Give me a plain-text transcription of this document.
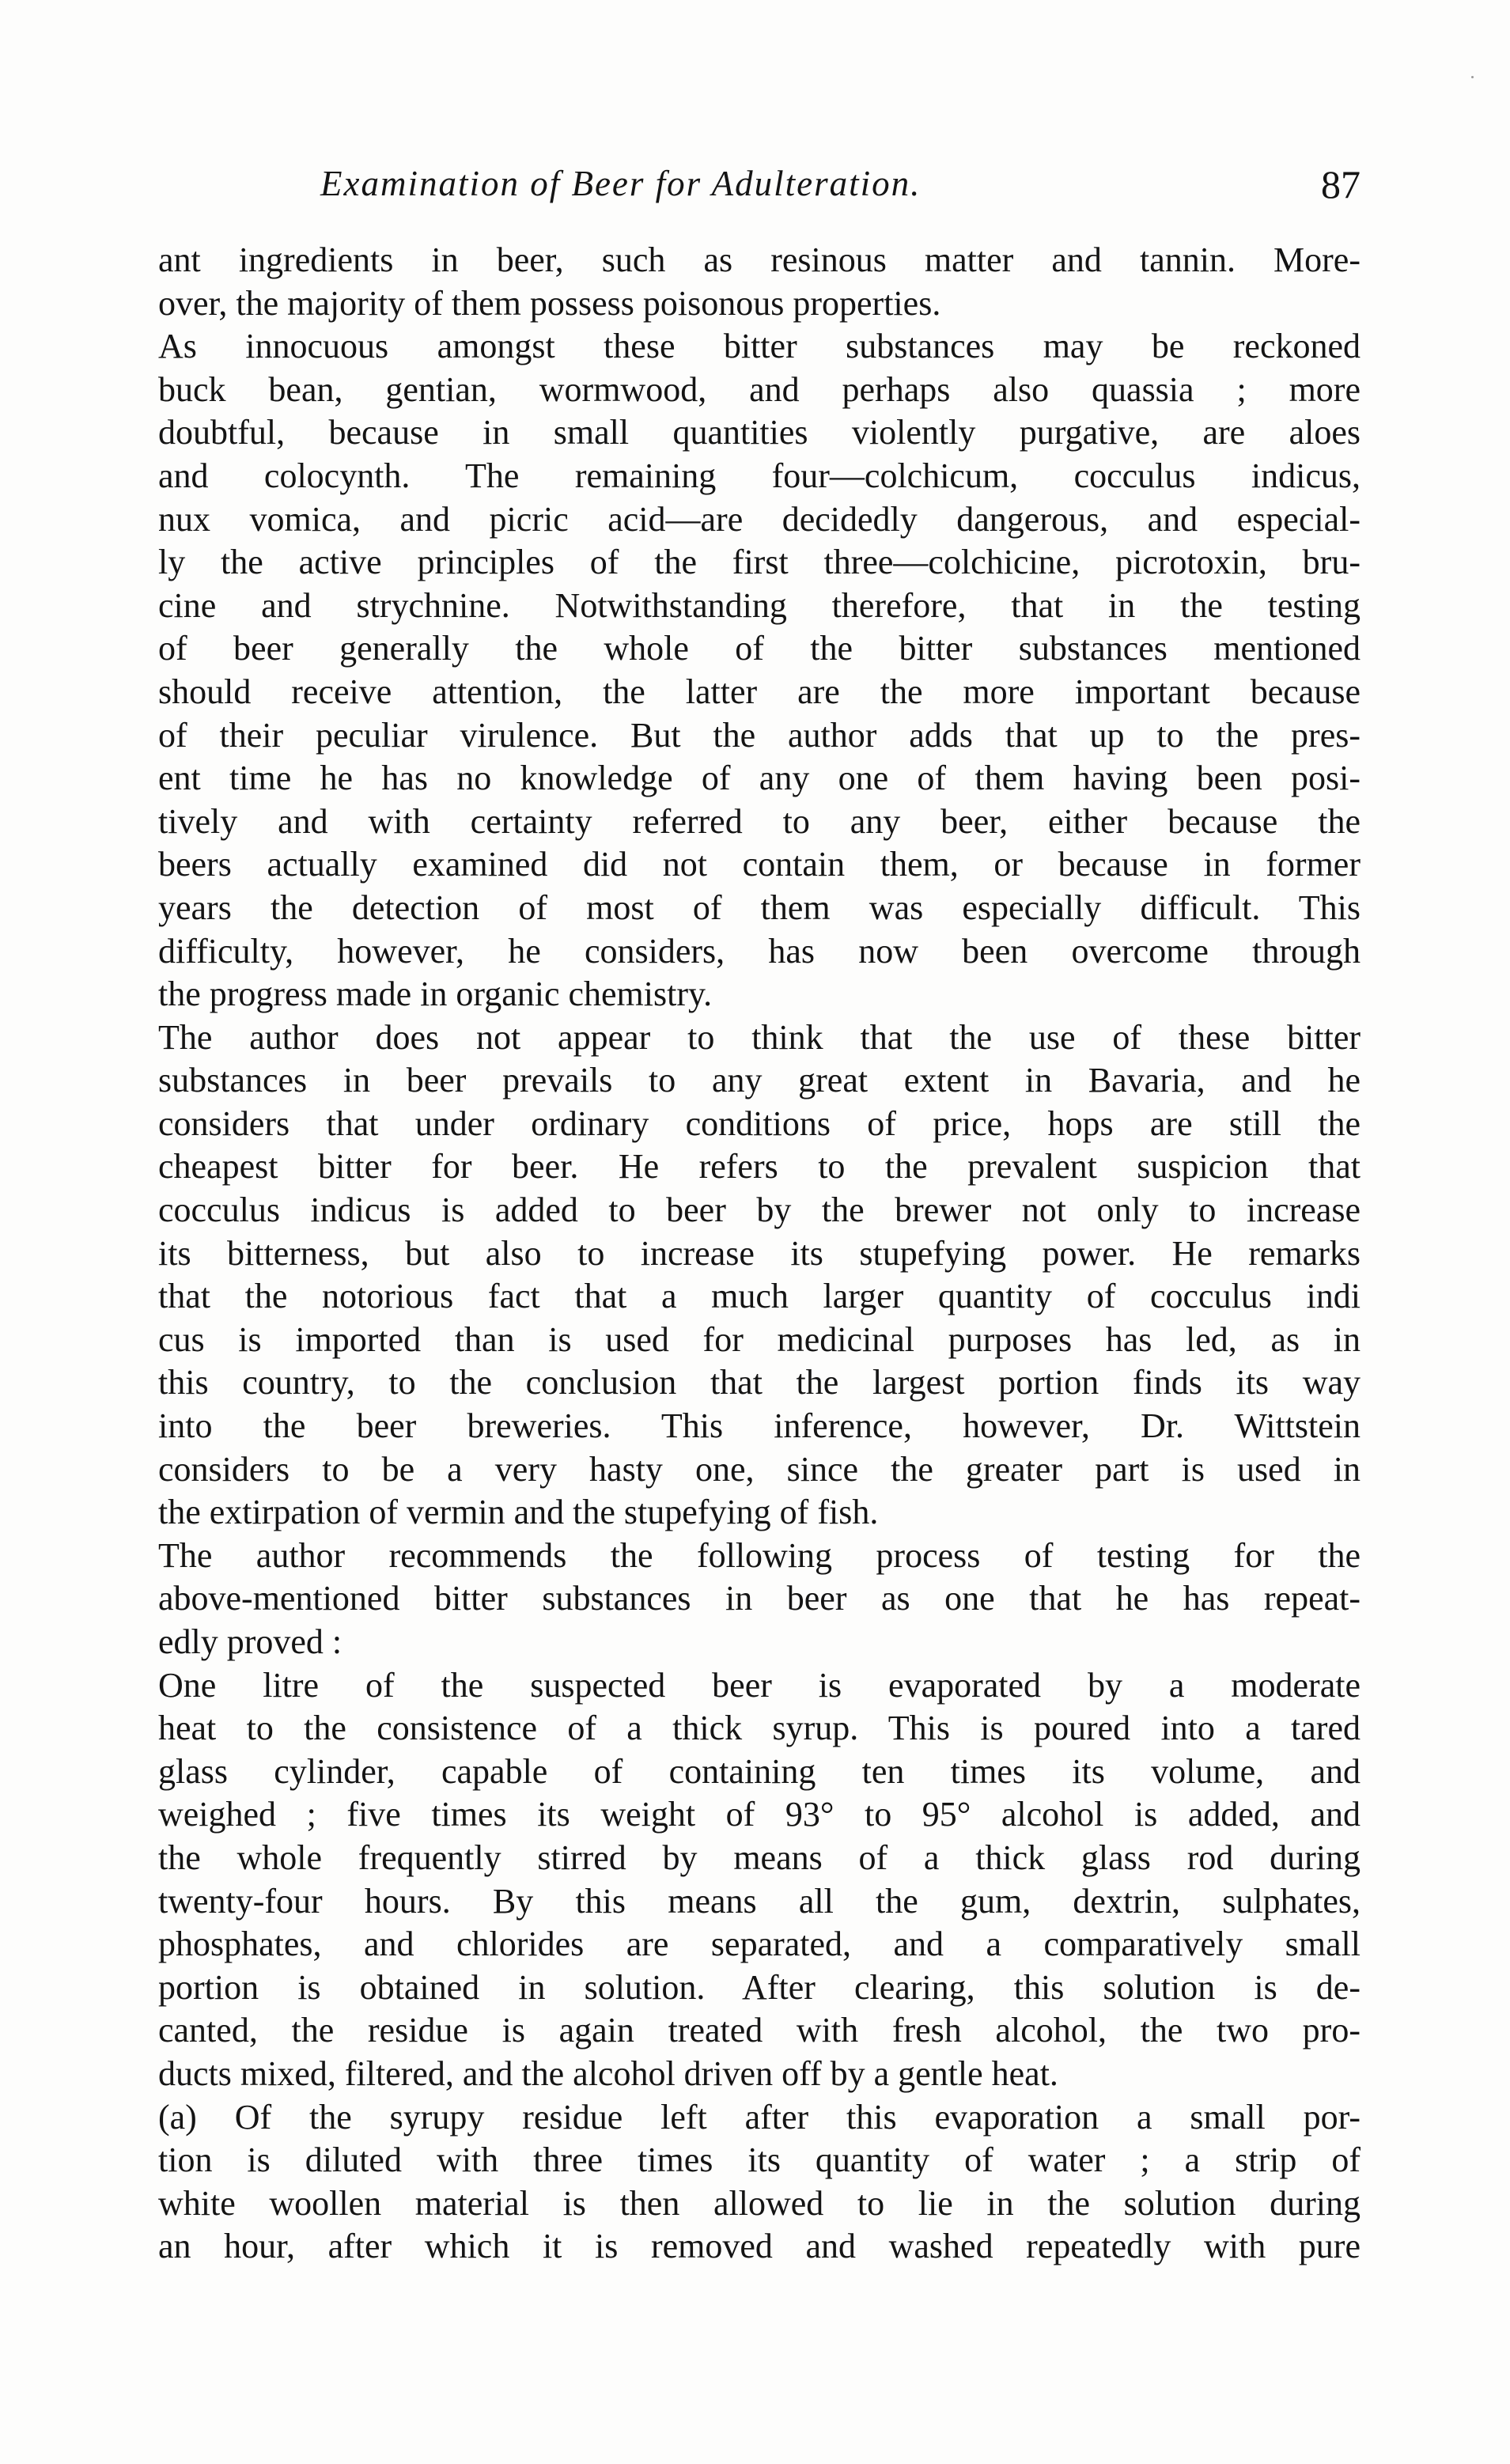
Examination of Beer for Adulteration.	87
ant ingredients in beer, such as resinous matter and tannin. More-
over, the majority of them possess poisonous properties.
As innocuous amongst these bitter substances may be reckoned
buck bean, gentian, wormwood, and perhaps also quassia ; more
doubtful, because in small quantities violently purgative, are aloes
and colocynth. The remaining four—colchicum, cocculus indicus,
nux vomica, and picric acid—are decidedly dangerous, and especial-
ly the active principles of the first three—colchicine, picrotoxin, bru-
cine and strychnine. Notwithstanding therefore, that in the testing
of beer generally the whole of the bitter substances mentioned
should receive attention, the latter are the more important because
of their peculiar virulence. But the author adds that up to the pres-
ent time he has no knowledge of any one of them having been posi-
tively and with certainty referred to any beer, either because the
beers actually examined did not contain them, or because in former
years the detection of most of them was especially difficult. This
difficulty, however, he considers, has now been overcome through
the progress made in organic chemistry.
The author does not appear to think that the use of these bitter
substances in beer prevails to any great extent in Bavaria, and he
considers that under ordinary conditions of price, hops are still the
cheapest bitter for beer. He refers to the prevalent suspicion that
cocculus indicus is added to beer by the brewer not only to increase
its bitterness, but also to increase its stupefying power. He remarks
that the notorious fact that a much larger quantity of cocculus indi
cus is imported than is used for medicinal purposes has led, as in
this country, to the conclusion that the largest portion finds its way
into the beer breweries. This inference, however, Dr. Wittstein
considers to be a very hasty one, since the greater part is used in
the extirpation of vermin and the stupefying of fish.
The author recommends the following process of testing for the
above-mentioned bitter substances in beer as one that he has repeat-
edly proved :
One litre of the suspected beer is evaporated by a moderate
heat to the consistence of a thick syrup. This is poured into a tared
glass cylinder, capable of containing ten times its volume, and
weighed ; five times its weight of 93° to 95° alcohol is added, and
the whole frequently stirred by means of a thick glass rod during
twenty-four hours. By this means all the gum, dextrin, sulphates,
phosphates, and chlorides are separated, and a comparatively small
portion is obtained in solution. After clearing, this solution is de-
canted, the residue is again treated with fresh alcohol, the two pro-
ducts mixed, filtered, and the alcohol driven off by a gentle heat.
(a) Of the syrupy residue left after this evaporation a small por-
tion is diluted with three times its quantity of water ; a strip of
white woollen material is then allowed to lie in the solution during
an hour, after which it is removed and washed repeatedly with pure
